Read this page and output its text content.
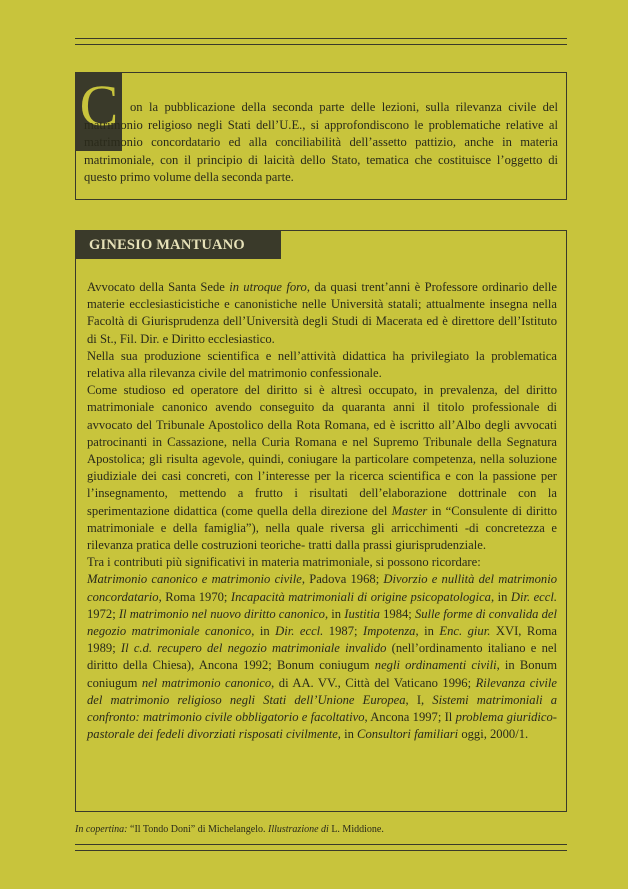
C on la pubblicazione della seconda parte delle lezioni, sulla rilevanza civile del matrimonio religioso negli Stati dell’U.E., si approfondiscono le problematiche relative al matrimonio concordatario ed alla conciliabilità dell’assetto pattizio, anche in materia matrimoniale, con il principio di laicità dello Stato, tematica che costituisce l’oggetto di questo primo volume della seconda parte.
GINESIO MANTUANO

Avvocato della Santa Sede in utroque foro, da quasi trent’anni è Professore ordinario delle materie ecclesiasticistiche e canonistiche nelle Università statali; attualmente insegna nella Facoltà di Giurisprudenza dell’Università degli Studi di Macerata ed è direttore dell’Istituto di St., Fil. Dir. e Diritto ecclesiastico.

Nella sua produzione scientifica e nell’attività didattica ha privilegiato la problematica relativa alla rilevanza civile del matrimonio confessionale.

Come studioso ed operatore del diritto si è altresì occupato, in prevalenza, del diritto matrimoniale canonico avendo conseguito da quaranta anni il titolo professionale di avvocato del Tribunale Apostolico della Rota Romana, ed è iscritto all’Albo degli avvocati patrocinanti in Cassazione, nella Curia Romana e nel Supremo Tribunale della Segnatura Apostolica; gli risulta agevole, quindi, coniugare la particolare competenza, nella soluzione giudiziale dei casi concreti, con l’interesse per la ricerca scientifica e con la passione per l’insegnamento, mettendo a frutto i risultati dell’elaborazione dottrinale con la sperimentazione didattica (come quella della direzione del Master in “Consulente di diritto matrimoniale e della famiglia”), nella quale riversa gli arricchimenti -di concretezza e rilevanza pratica delle costruzioni teoriche- tratti dalla prassi giurisprudenziale.

Tra i contributi più significativi in materia matrimoniale, si possono ricordare:

Matrimonio canonico e matrimonio civile, Padova 1968; Divorzio e nullità del matrimonio concordatario, Roma 1970; Incapacità matrimoniali di origine psicopatologica, in Dir. eccl. 1972; Il matrimonio nel nuovo diritto canonico, in Iustitia 1984; Sulle forme di convalida del negozio matrimoniale canonico, in Dir. eccl. 1987; Impotenza, in Enc. giur. XVI, Roma 1989; Il c.d. recupero del negozio matrimoniale invalido (nell’ordinamento italiano e nel diritto della Chiesa), Ancona 1992; Bonum coniugum negli ordinamenti civili, in Bonum coniugum nel matrimonio canonico, di AA. VV., Città del Vaticano 1996; Rilevanza civile del matrimonio religioso negli Stati dell’Unione Europea, I, Sistemi matrimoniali a confronto: matrimonio civile obbligatorio e facoltativo, Ancona 1997; Il problema giuridico-pastorale dei fedeli divorziati risposati civilmente, in Consultori familiari oggi, 2000/1.

In copertina: “Il Tondo Doni” di Michelangelo. Illustrazione di L. Middione.
